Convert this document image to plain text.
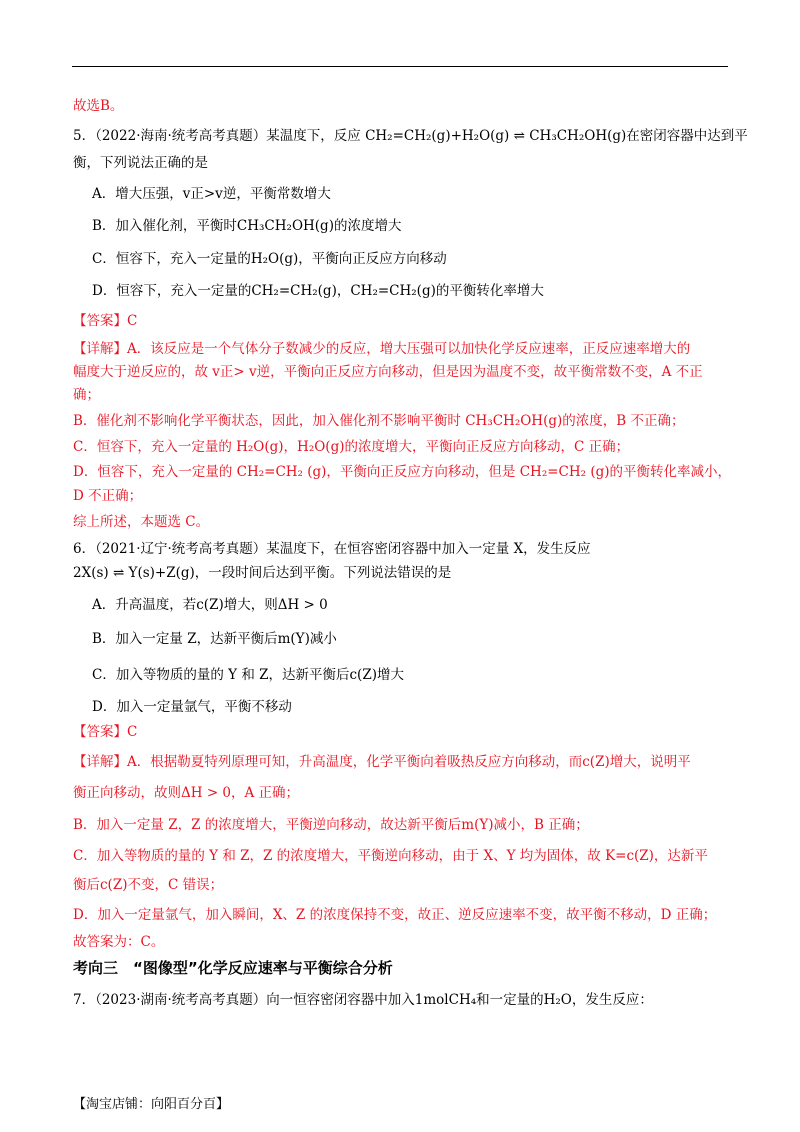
故选B。
5．（2022·海南·统考高考真题）某温度下，反应 CH₂=CH₂(g)+H₂O(g) ⇌ CH₃CH₂OH(g)在密闭容器中达到平
衡，下列说法正确的是
A．增大压强，v正>v逆，平衡常数增大
B．加入催化剂，平衡时CH₃CH₂OH(g)的浓度增大
C．恒容下，充入一定量的H₂O(g)，平衡向正反应方向移动
D．恒容下，充入一定量的CH₂=CH₂(g)，CH₂=CH₂(g)的平衡转化率增大
【答案】C
【详解】A．该反应是一个气体分子数减少的反应，增大压强可以加快化学反应速率，正反应速率增大的
幅度大于逆反应的，故 v正> v逆，平衡向正反应方向移动，但是因为温度不变，故平衡常数不变，A 不正
确；
B．催化剂不影响化学平衡状态，因此，加入催化剂不影响平衡时 CH₃CH₂OH(g)的浓度，B 不正确；
C．恒容下，充入一定量的 H₂O(g)，H₂O(g)的浓度增大，平衡向正反应方向移动，C 正确；
D．恒容下，充入一定量的 CH₂=CH₂ (g)，平衡向正反应方向移动，但是 CH₂=CH₂ (g)的平衡转化率减小，
D 不正确；
综上所述，本题选 C。
6．（2021·辽宁·统考高考真题）某温度下，在恒容密闭容器中加入一定量 X，发生反应
2X(s) ⇌ Y(s)+Z(g)，一段时间后达到平衡。下列说法错误的是
A．升高温度，若c(Z)增大，则ΔH > 0
B．加入一定量 Z，达新平衡后m(Y)减小
C．加入等物质的量的 Y 和 Z，达新平衡后c(Z)增大
D．加入一定量氩气，平衡不移动
【答案】C
【详解】A．根据勒夏特列原理可知，升高温度，化学平衡向着吸热反应方向移动，而c(Z)增大，说明平
衡正向移动，故则ΔH > 0，A 正确；
B．加入一定量 Z，Z 的浓度增大，平衡逆向移动，故达新平衡后m(Y)减小，B 正确；
C．加入等物质的量的 Y 和 Z，Z 的浓度增大，平衡逆向移动，由于 X、Y 均为固体，故 K=c(Z)，达新平
衡后c(Z)不变，C 错误；
D．加入一定量氩气，加入瞬间，X、Z 的浓度保持不变，故正、逆反应速率不变，故平衡不移动，D 正确；
故答案为：C。
考向三　“图像型”化学反应速率与平衡综合分析
7．（2023·湖南·统考高考真题）向一恒容密闭容器中加入1molCH₄和一定量的H₂O，发生反应：
【淘宝店铺：向阳百分百】
